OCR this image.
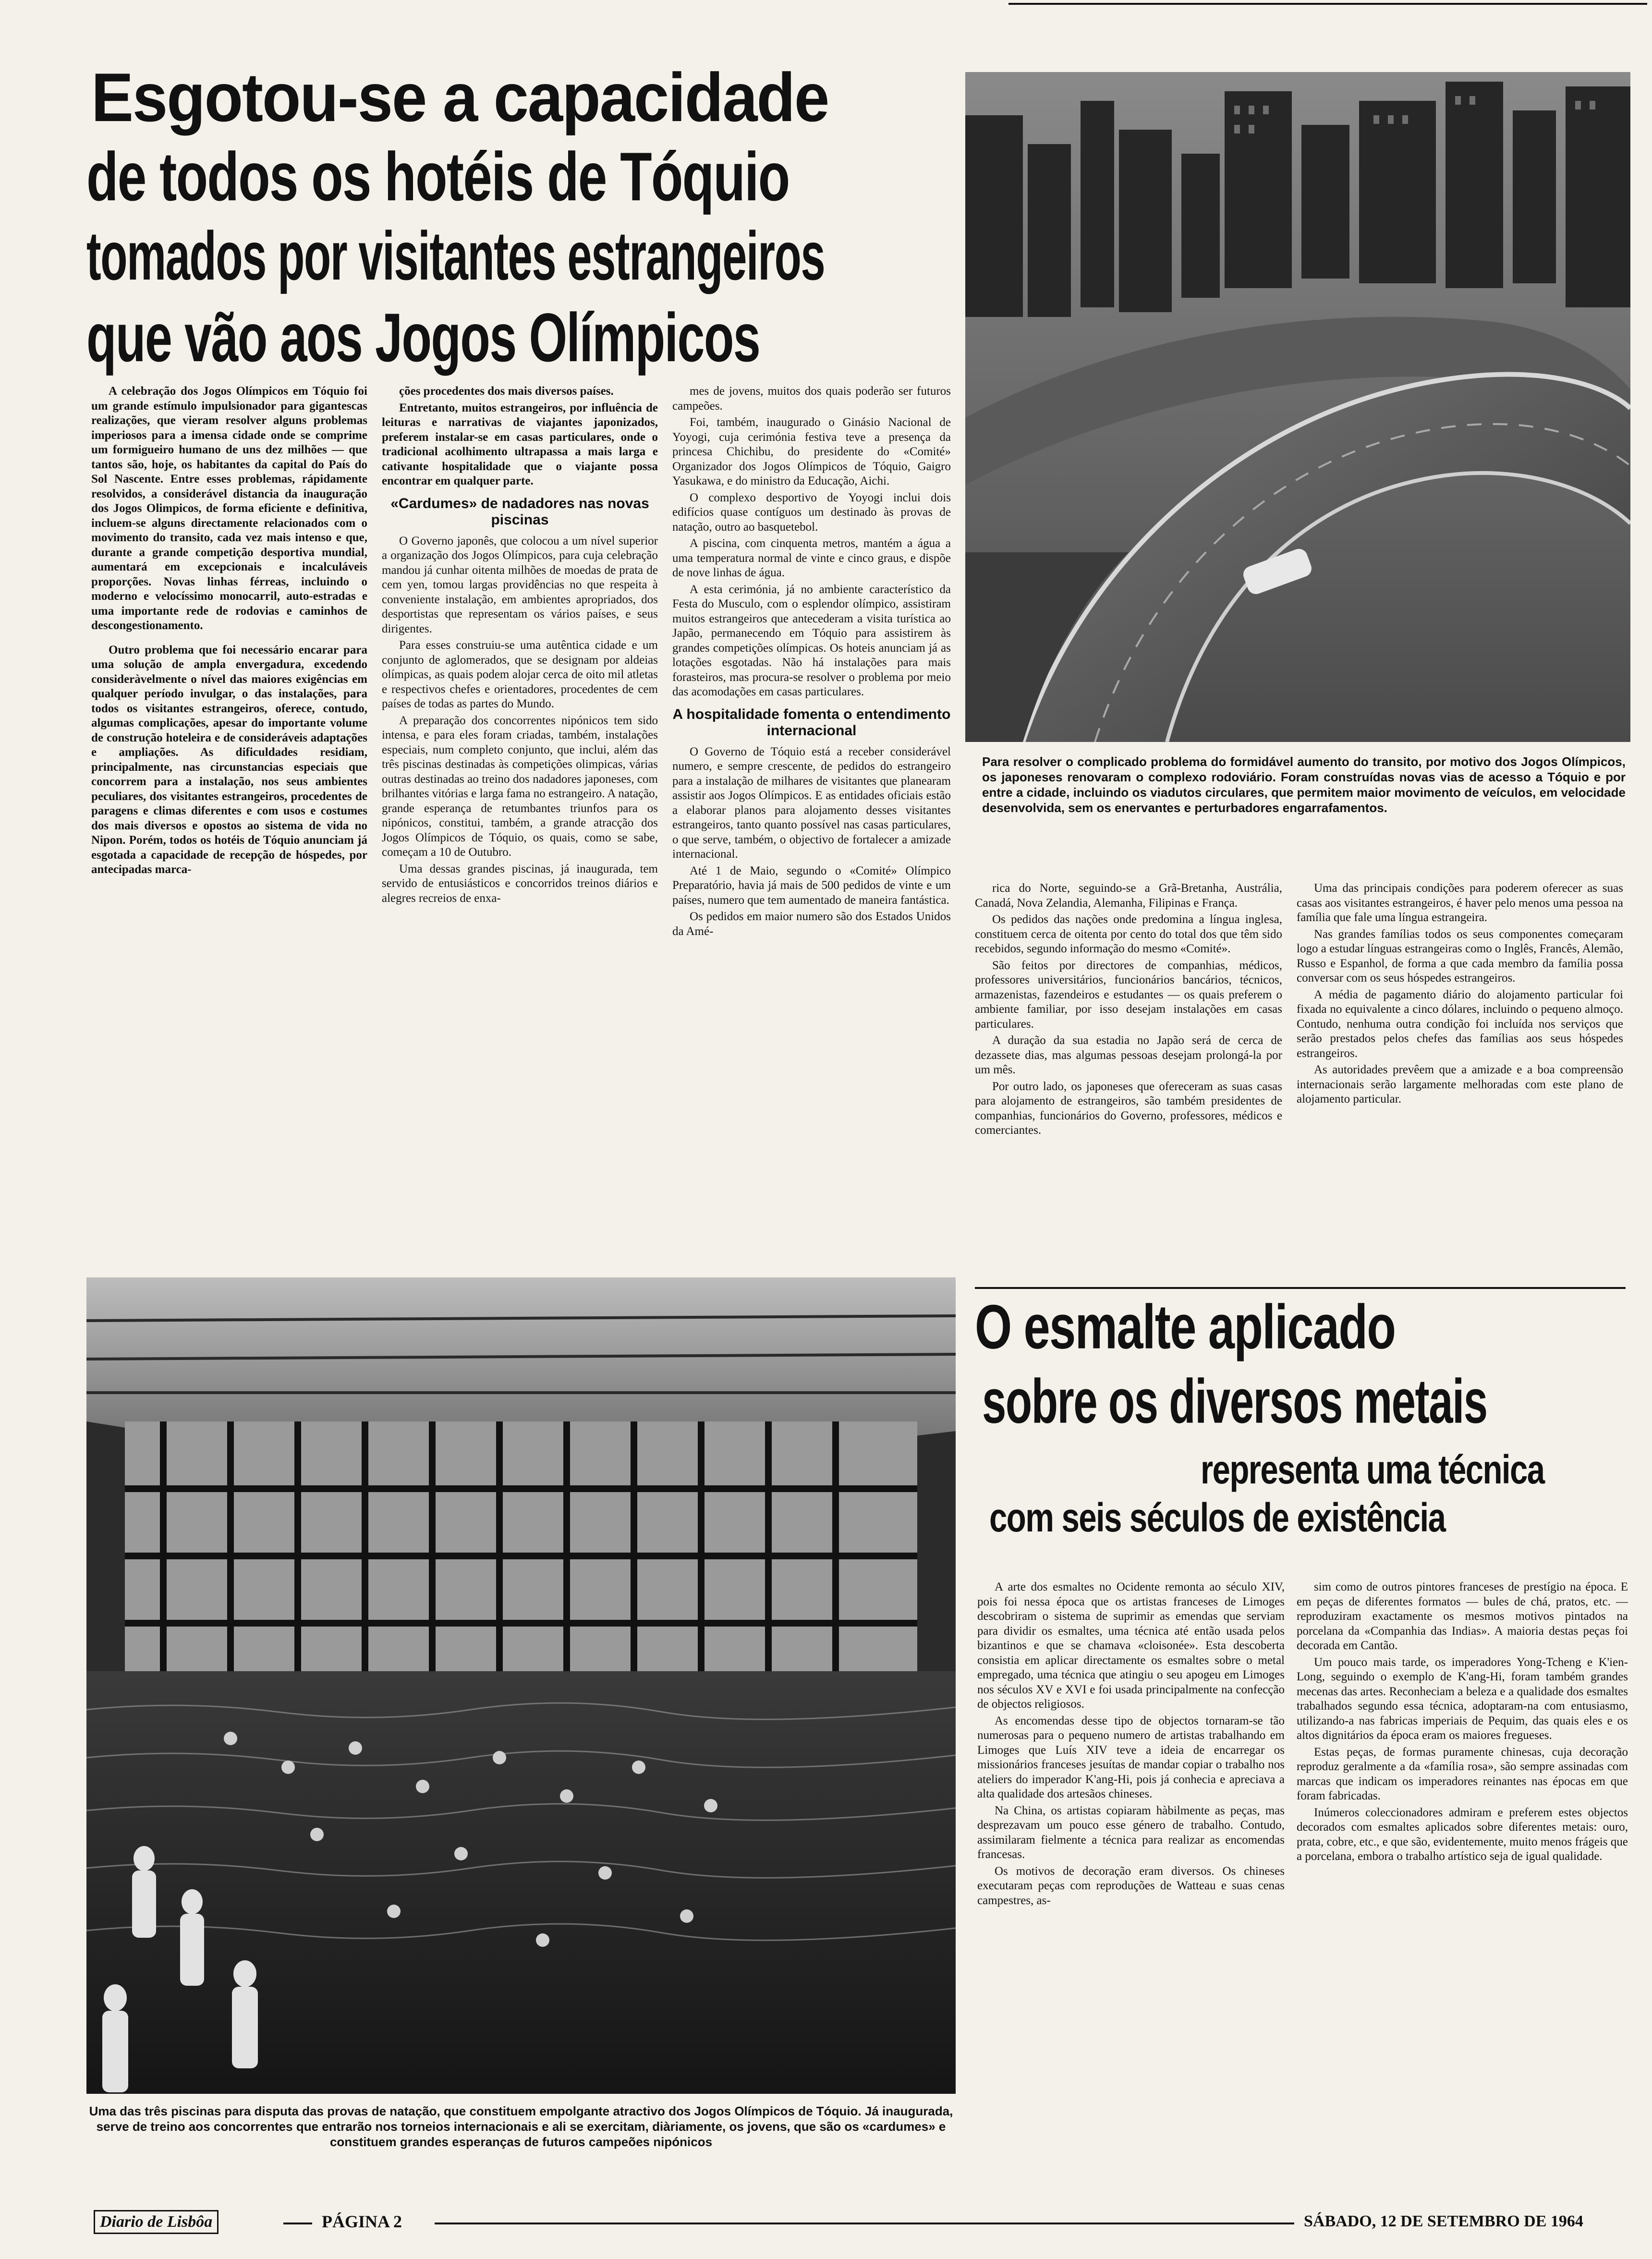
Esgotou-se a capacidade
de todos os hotéis de Tóquio
tomados por visitantes estrangeiros
que vão aos Jogos Olímpicos
Para resolver o complicado problema do formidável aumento do transito, por motivo dos Jogos Olímpicos, os japoneses renovaram o complexo rodoviário. Foram construídas novas vias de acesso a Tóquio e por entre a cidade, incluindo os viadutos circulares, que permitem maior movimento de veículos, em velocidade desenvolvida, sem os enervantes e perturbadores engarrafamentos.

A celebração dos Jogos Olímpicos em Tóquio foi um grande estímulo impulsionador para gigantescas realizações, que vieram resolver alguns problemas imperiosos para a imensa cidade onde se comprime um formigueiro humano de uns dez milhões — que tantos são, hoje, os habitantes da capital do País do Sol Nascente. Entre esses problemas, rápidamente resolvidos, a considerável distancia da inauguração dos Jogos Olimpicos, de forma eficiente e definitiva, incluem-se alguns directamente relacionados com o movimento do transito, cada vez mais intenso e que, durante a grande competição desportiva mundial, aumentará em excepcionais e incalculáveis proporções. Novas linhas férreas, incluindo o moderno e velocíssimo monocarril, auto-estradas e uma importante rede de rodovias e caminhos de descongestionamento.

Outro problema que foi necessário encarar para uma solução de ampla envergadura, excedendo consideràvelmente o nível das maiores exigências em qualquer período invulgar, o das instalações, para todos os visitantes estrangeiros, oferece, contudo, algumas complicações, apesar do importante volume de construção hoteleira e de consideráveis adaptações e ampliações. As dificuldades residiam, principalmente, nas circunstancias especiais que concorrem para a instalação, nos seus ambientes peculiares, dos visitantes estrangeiros, procedentes de paragens e climas diferentes e com usos e costumes dos mais diversos e opostos ao sistema de vida no Nipon. Porém, todos os hotéis de Tóquio anunciam já esgotada a capacidade de recepção de hóspedes, por antecipadas marca-

ções procedentes dos mais diversos países.

Entretanto, muitos estrangeiros, por influência de leituras e narrativas de viajantes japonizados, preferem instalar-se em casas particulares, onde o tradicional acolhimento ultrapassa a mais larga e cativante hospitalidade que o viajante possa encontrar em qualquer parte.

«Cardumes» de nadadores nas novas piscinas

O Governo japonês, que colocou a um nível superior a organização dos Jogos Olímpicos, para cuja celebração mandou já cunhar oitenta milhões de moedas de prata de cem yen, tomou largas providências no que respeita à conveniente instalação, em ambientes apropriados, dos desportistas que representam os vários países, e seus dirigentes.

Para esses construiu-se uma autêntica cidade e um conjunto de aglomerados, que se designam por aldeias olímpicas, as quais podem alojar cerca de oito mil atletas e respectivos chefes e orientadores, procedentes de cem países de todas as partes do Mundo.

A preparação dos concorrentes nipónicos tem sido intensa, e para eles foram criadas, também, instalações especiais, num completo conjunto, que inclui, além das três piscinas destinadas às competições olimpicas, várias outras destinadas ao treino dos nadadores japoneses, com brilhantes vitórias e larga fama no estrangeiro. A natação, grande esperança de retumbantes triunfos para os nipónicos, constitui, também, a grande atracção dos Jogos Olímpicos de Tóquio, os quais, como se sabe, começam a 10 de Outubro.

Uma dessas grandes piscinas, já inaugurada, tem servido de entusiásticos e concorridos treinos diários e alegres recreios de enxa-

mes de jovens, muitos dos quais poderão ser futuros campeões.

Foi, também, inaugurado o Ginásio Nacional de Yoyogi, cuja cerimónia festiva teve a presença da princesa Chichibu, do presidente do «Comité» Organizador dos Jogos Olímpicos de Tóquio, Gaigro Yasukawa, e do ministro da Educação, Aichi.

O complexo desportivo de Yoyogi inclui dois edifícios quase contíguos um destinado às provas de natação, outro ao basquetebol.

A piscina, com cinquenta metros, mantém a água a uma temperatura normal de vinte e cinco graus, e dispõe de nove linhas de água.

A esta cerimónia, já no ambiente característico da Festa do Musculo, com o esplendor olímpico, assistiram muitos estrangeiros que antecederam a visita turística ao Japão, permanecendo em Tóquio para assistirem às grandes competições olímpicas. Os hoteis anunciam já as lotações esgotadas. Não há instalações para mais forasteiros, mas procura-se resolver o problema por meio das acomodações em casas particulares.

A hospitalidade fomenta o entendimento internacional

O Governo de Tóquio está a receber considerável numero, e sempre crescente, de pedidos do estrangeiro para a instalação de milhares de visitantes que planearam assistir aos Jogos Olímpicos. E as entidades oficiais estão a elaborar planos para alojamento desses visitantes estrangeiros, tanto quanto possível nas casas particulares, o que serve, também, o objectivo de fortalecer a amizade internacional.

Até 1 de Maio, segundo o «Comité» Olímpico Preparatório, havia já mais de 500 pedidos de vinte e um países, numero que tem aumentado de maneira fantástica.

Os pedidos em maior numero são dos Estados Unidos da Amé-

rica do Norte, seguindo-se a Grã-Bretanha, Austrália, Canadá, Nova Zelandia, Alemanha, Filipinas e França.

Os pedidos das nações onde predomina a língua inglesa, constituem cerca de oitenta por cento do total dos que têm sido recebidos, segundo informação do mesmo «Comité».

São feitos por directores de companhias, médicos, professores universitários, funcionários bancários, técnicos, armazenistas, fazendeiros e estudantes — os quais preferem o ambiente familiar, por isso desejam instalações em casas particulares.

A duração da sua estadia no Japão será de cerca de dezassete dias, mas algumas pessoas desejam prolongá-la por um mês.

Por outro lado, os japoneses que ofereceram as suas casas para alojamento de estrangeiros, são também presidentes de companhias, funcionários do Governo, professores, médicos e comerciantes.

Uma das principais condições para poderem oferecer as suas casas aos visitantes estrangeiros, é haver pelo menos uma pessoa na família que fale uma língua estrangeira.

Nas grandes famílias todos os seus componentes começaram logo a estudar línguas estrangeiras como o Inglês, Francês, Alemão, Russo e Espanhol, de forma a que cada membro da família possa conversar com os seus hóspedes estrangeiros.

A média de pagamento diário do alojamento particular foi fixada no equivalente a cinco dólares, incluindo o pequeno almoço. Contudo, nenhuma outra condição foi incluída nos serviços que serão prestados pelos chefes das famílias aos seus hóspedes estrangeiros.

As autoridades prevêem que a amizade e a boa compreensão internacionais serão largamente melhoradas com este plano de alojamento particular.

Uma das três piscinas para disputa das provas de natação, que constituem empolgante atractivo dos Jogos Olímpicos de Tóquio. Já inaugurada, serve de treino aos concorrentes que entrarão nos torneios internacionais e ali se exercitam, diàriamente, os jovens, que são os «cardumes» e constituem grandes esperanças de futuros campeões nipónicos
O esmalte aplicado
sobre os diversos metais
representa uma técnica
com seis séculos de existência

A arte dos esmaltes no Ocidente remonta ao século XIV, pois foi nessa época que os artistas franceses de Limoges descobriram o sistema de suprimir as emendas que serviam para dividir os esmaltes, uma técnica até então usada pelos bizantinos e que se chamava «cloisonée». Esta descoberta consistia em aplicar directamente os esmaltes sobre o metal empregado, uma técnica que atingiu o seu apogeu em Limoges nos séculos XV e XVI e foi usada principalmente na confecção de objectos religiosos.

As encomendas desse tipo de objectos tornaram-se tão numerosas para o pequeno numero de artistas trabalhando em Limoges que Luís XIV teve a ideia de encarregar os missionários franceses jesuítas de mandar copiar o trabalho nos ateliers do imperador K'ang-Hi, pois já conhecia e apreciava a alta qualidade dos artesãos chineses.

Na China, os artistas copiaram hàbilmente as peças, mas desprezavam um pouco esse género de trabalho. Contudo, assimilaram fielmente a técnica para realizar as encomendas francesas.

Os motivos de decoração eram diversos. Os chineses executaram peças com reproduções de Watteau e suas cenas campestres, as-

sim como de outros pintores franceses de prestígio na época. E em peças de diferentes formatos — bules de chá, pratos, etc. — reproduziram exactamente os mesmos motivos pintados na porcelana da «Companhia das Indias». A maioria destas peças foi decorada em Cantão.

Um pouco mais tarde, os imperadores Yong-Tcheng e K'ien-Long, seguindo o exemplo de K'ang-Hi, foram também grandes mecenas das artes. Reconheciam a beleza e a qualidade dos esmaltes trabalhados segundo essa técnica, adoptaram-na com entusiasmo, utilizando-a nas fabricas imperiais de Pequim, das quais eles e os altos dignitários da época eram os maiores fregueses.

Estas peças, de formas puramente chinesas, cuja decoração reproduz geralmente a da «família rosa», são sempre assinadas com marcas que indicam os imperadores reinantes nas épocas em que foram fabricadas.

Inúmeros coleccionadores admiram e preferem estes objectos decorados com esmaltes aplicados sobre diferentes metais: ouro, prata, cobre, etc., e que são, evidentemente, muito menos frágeis que a porcelana, embora o trabalho artístico seja de igual qualidade.

Diario de Lisbôa	PÁGINA 2	SÁBADO, 12 DE SETEMBRO DE 1964
